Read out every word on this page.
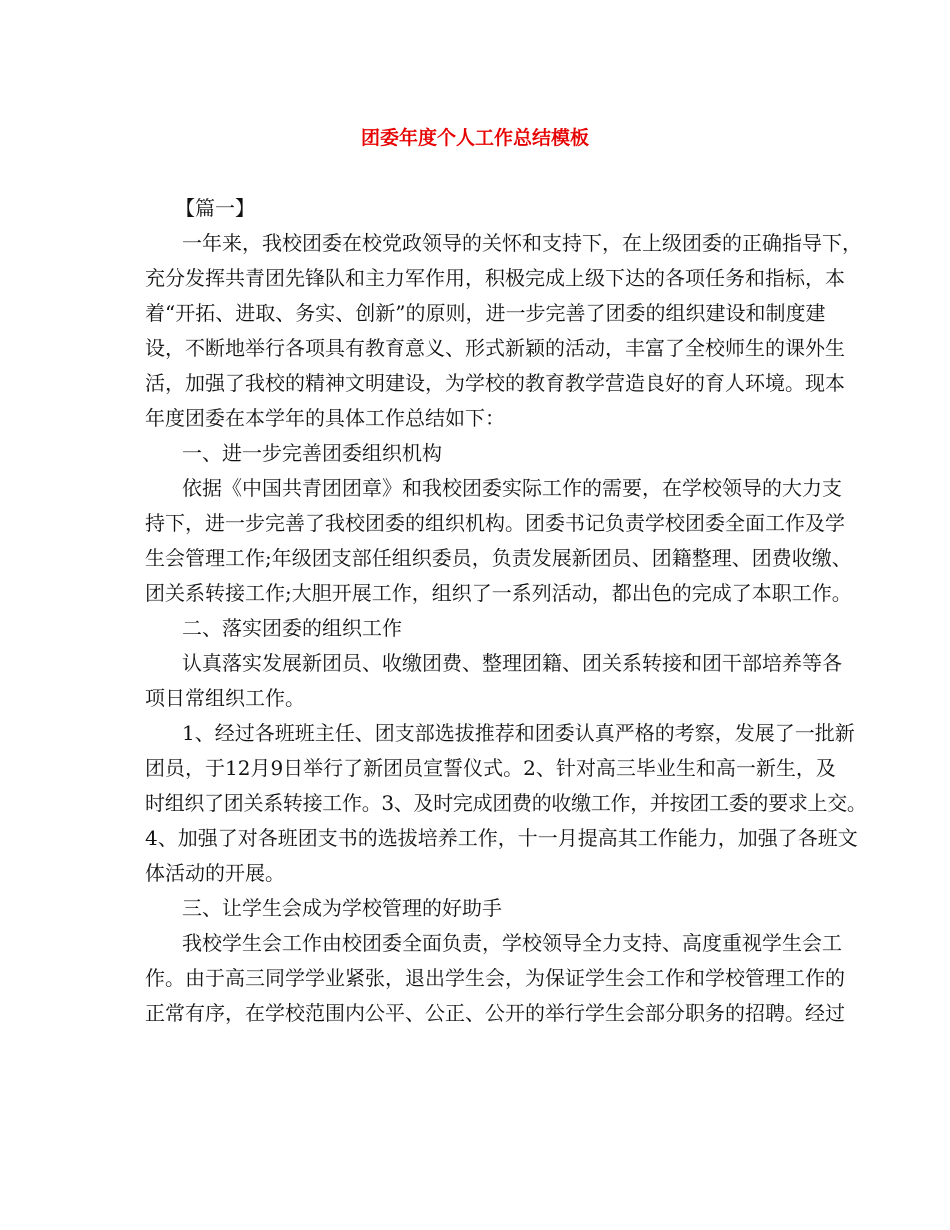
团委年度个人工作总结模板

【篇一】

一年来，我校团委在校党政领导的关怀和支持下，在上级团委的正确指导下，

充分发挥共青团先锋队和主力军作用，积极完成上级下达的各项任务和指标，本

着“开拓、进取、务实、创新”的原则，进一步完善了团委的组织建设和制度建

设，不断地举行各项具有教育意义、形式新颖的活动，丰富了全校师生的课外生

活，加强了我校的精神文明建设，为学校的教育教学营造良好的育人环境。现本

年度团委在本学年的具体工作总结如下：

一、进一步完善团委组织机构

依据《中国共青团团章》和我校团委实际工作的需要，在学校领导的大力支

持下，进一步完善了我校团委的组织机构。团委书记负责学校团委全面工作及学

生会管理工作;年级团支部任组织委员，负责发展新团员、团籍整理、团费收缴、

团关系转接工作;大胆开展工作，组织了一系列活动，都出色的完成了本职工作。

二、落实团委的组织工作

认真落实发展新团员、收缴团费、整理团籍、团关系转接和团干部培养等各

项日常组织工作。

1、经过各班班主任、团支部选拔推荐和团委认真严格的考察，发展了一批新

团员，于12月9日举行了新团员宣誓仪式。2、针对高三毕业生和高一新生，及

时组织了团关系转接工作。3、及时完成团费的收缴工作，并按团工委的要求上交。

4、加强了对各班团支书的选拔培养工作，十一月提高其工作能力，加强了各班文

体活动的开展。

三、让学生会成为学校管理的好助手

我校学生会工作由校团委全面负责，学校领导全力支持、高度重视学生会工

作。由于高三同学学业紧张，退出学生会，为保证学生会工作和学校管理工作的

正常有序，在学校范围内公平、公正、公开的举行学生会部分职务的招聘。经过
